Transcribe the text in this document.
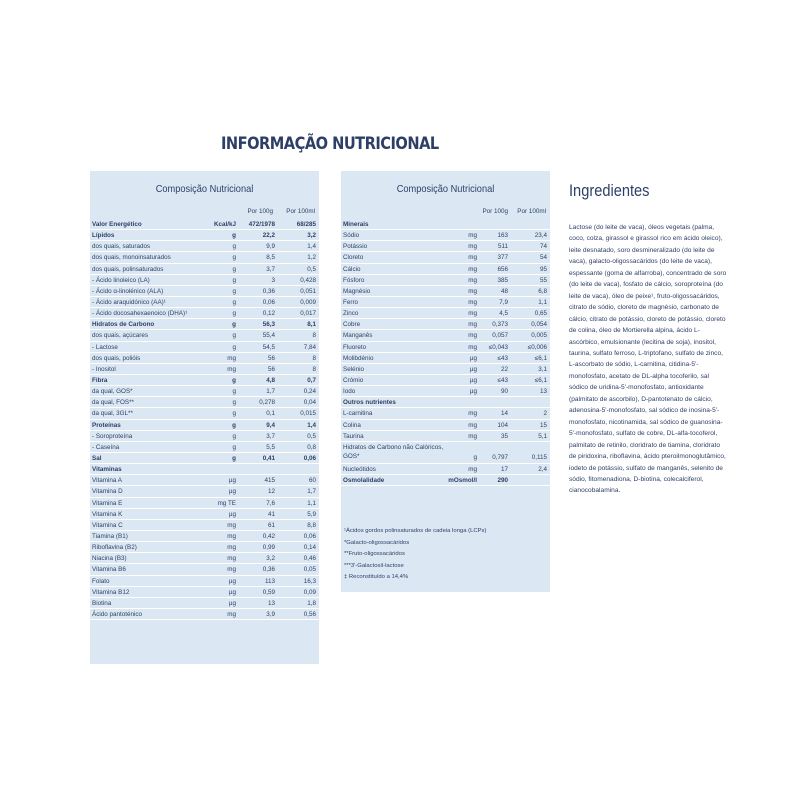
INFORMAÇÃO NUTRICIONAL
Composição Nutricional
Por 100g	Por 100ml
Valor Energético	Kcal/kJ	472/1978	68/285
Lípidos	g	22,2	3,2
dos quais, saturados	g	9,9	1,4
dos quais, monoinsaturados	g	8,5	1,2
dos quais, polinsaturados	g	3,7	0,5
- Ácido linoleico (LA)	g	3	0,428
- Ácido α-linolénico (ALA)	g	0,36	0,051
- Ácido araquidónico (AA)¹	g	0,06	0,009
- Ácido docosahexaenoico (DHA)¹	g	0,12	0,017
Hidratos de Carbono	g	56,3	8,1
dos quais, açúcares	g	55,4	8
- Lactose	g	54,5	7,84
dos quais, polióis	mg	56	8
- Inositol	mg	56	8
Fibra	g	4,8	0,7
da qual, GOS*	g	1,7	0,24
da qual, FOS**	g	0,278	0,04
da qual, 3GL**	g	0,1	0,015
Proteínas	g	9,4	1,4
- Soroproteína	g	3,7	0,5
- Caseína	g	5,5	0,8
Sal	g	0,41	0,06
Vitaminas
Vitamina A	µg	415	60
Vitamina D	µg	12	1,7
Vitamina E	mg TE	7,6	1,1
Vitamina K	µg	41	5,9
Vitamina C	mg	61	8,8
Tiamina (B1)	mg	0,42	0,06
Riboflavina (B2)	mg	0,99	0,14
Niacina (B3)	mg	3,2	0,46
Vitamina B6	mg	0,36	0,05
Folato	µg	113	16,3
Vitamina B12	µg	0,59	0,09
Biotina	µg	13	1,8
Ácido pantoténico	mg	3,9	0,56
Composição Nutricional
Por 100g	Por 100ml
Minerais
Sódio	mg	163	23,4
Potássio	mg	511	74
Cloreto	mg	377	54
Cálcio	mg	656	95
Fósforo	mg	385	55
Magnésio	mg	48	6,8
Ferro	mg	7,9	1,1
Zinco	mg	4,5	0,65
Cobre	mg	0,373	0,054
Manganês	mg	0,057	0,005
Fluoreto	mg	≤0,043	≤0,006
Molibdénio	µg	≤43	≤6,1
Selénio	µg	22	3,1
Crómio	µg	≤43	≤6,1
Iodo	µg	90	13
Outros nutrientes
L-carnitina	mg	14	2
Colina	mg	104	15
Taurina	mg	35	5,1
Hidratos de Carbono não Calóricos, GOS*	g	0,797	0,115
Nucleótidos	mg	17	2,4
Osmolalidade	mOsmol/l	290
¹Ácidos gordos polinsaturados de cadeia longa (LCPs)
*Galacto-oligossacáridos
**Fruto-oligossacáridos
***3'-Galactosil-lactose
‡ Reconstituído a 14,4%
Ingredientes
Lactose (do leite de vaca), óleos vegetais (palma, coco, colza, girassol e girassol rico em ácido oleico), leite desnatado, soro desmineralizado (do leite de vaca), galacto-oligossacáridos (do leite de vaca), espessante (goma de alfarroba), concentrado de soro (do leite de vaca), fosfato de cálcio, soroproteína (do leite de vaca), óleo de peixe¹, fruto-oligossacáridos, citrato de sódio, cloreto de magnésio, carbonato de cálcio, citrato de potássio, cloreto de potássio, cloreto de colina, óleo de Mortierella alpina, ácido L-ascórbico, emulsionante (lecitina de soja), inositol, taurina, sulfato ferroso, L-triptofano, sulfato de zinco, L-ascorbato de sódio, L-carnitina, citidina-5'-monofosfato, acetato de DL-alpha tocoferilo, sal sódico de uridina-5'-monofosfato, antioxidante (palmitato de ascorbilo), D-pantotenato de cálcio, adenosina-5'-monofosfato, sal sódico de inosina-5'-monofosfato, nicotinamida, sal sódico de guanosina-5'-monofosfato, sulfato de cobre, DL-alfa-tocoferol, palmitato de retinilo, cloridrato de tiamina, cloridrato de piridoxina, riboflavina, ácido pteroilmonoglutâmico, iodeto de potássio, sulfato de manganês, selenito de sódio, fitomenadiona, D-biotina, colecalciferol, cianocobalamina.
